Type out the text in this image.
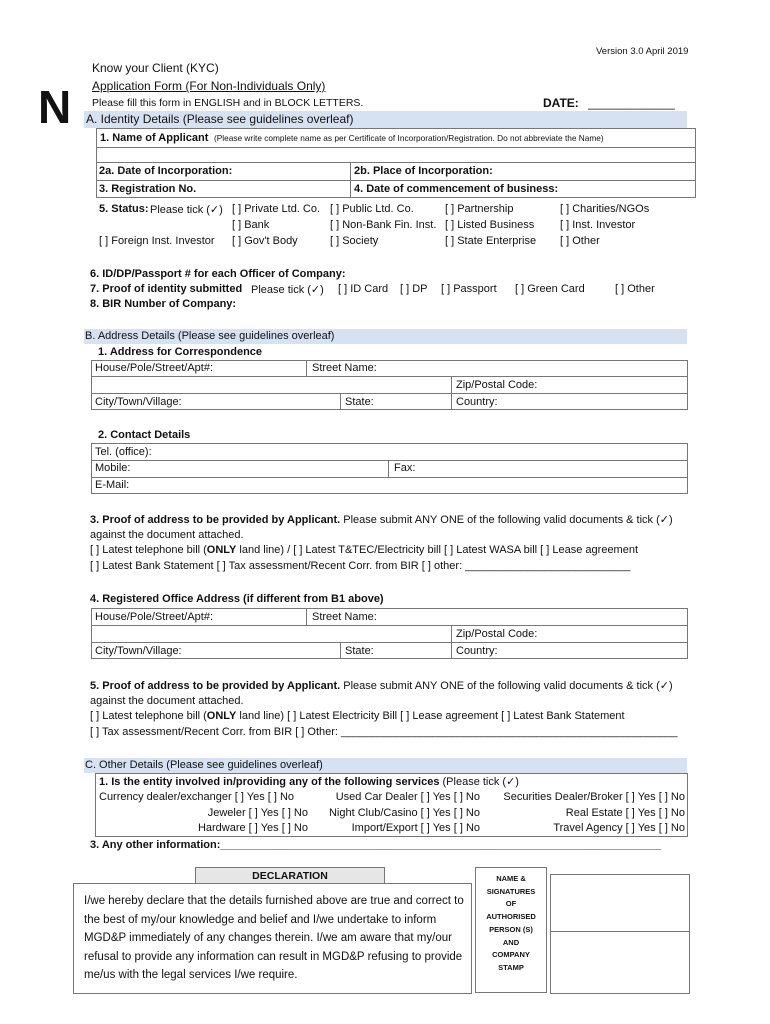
Version 3.0 April 2019
N
Know your Client (KYC)
Application Form (For Non-Individuals Only)
Please fill this form in ENGLISH and in BLOCK LETTERS.	DATE: _____________
A. Identity Details (Please see guidelines overleaf)
1. Name of Applicant (Please write complete name as per Certificate of Incorporation/Registration. Do not abbreviate the Name)
2a. Date of Incorporation:	2b. Place of Incorporation:
3. Registration No.	4. Date of commencement of business:
5. Status: Please tick (✓) [ ] Private Ltd. Co. [ ] Public Ltd. Co.	[ ] Partnership	[ ] Charities/NGOs
[ ] Bank	[ ] Non-Bank Fin. Inst. [ ] Listed Business [ ] Inst. Investor
[ ] Foreign Inst. Investor [ ] Gov't Body	[ ] Society	[ ] State Enterprise [ ] Other
6. ID/DP/Passport # for each Officer of Company:
7. Proof of identity submitted Please tick (✓) [ ] ID Card [ ] DP [ ] Passport [ ] Green Card	[ ] Other
8. BIR Number of Company:
B. Address Details (Please see guidelines overleaf)
1. Address for Correspondence
House/Pole/Street/Apt#:	Street Name:
Zip/Postal Code:
City/Town/Village:	State:	Country:
2. Contact Details
Tel. (office):
Mobile:	Fax:
E-Mail:
3. Proof of address to be provided by Applicant. Please submit ANY ONE of the following valid documents & tick (✓)
against the document attached.
[ ] Latest telephone bill (ONLY land line) / [ ] Latest T&TEC/Electricity bill [ ] Latest WASA bill [ ] Lease agreement
[ ] Latest Bank Statement [ ] Tax assessment/Recent Corr. from BIR [ ] other: ___________________________
4. Registered Office Address (if different from B1 above)
House/Pole/Street/Apt#:	Street Name:
Zip/Postal Code:
City/Town/Village:	State:	Country:
5. Proof of address to be provided by Applicant. Please submit ANY ONE of the following valid documents & tick (✓)
against the document attached.
[ ] Latest telephone bill (ONLY land line) [ ] Latest Electricity Bill [ ] Lease agreement [ ] Latest Bank Statement
[ ] Tax assessment/Recent Corr. from BIR [ ] Other: _______________________________________________________
C. Other Details (Please see guidelines overleaf)
1. Is the entity involved in/providing any of the following services (Please tick (✓)
Currency dealer/exchanger [ ] Yes [ ] No	Used Car Dealer [ ] Yes [ ] No Securities Dealer/Broker [ ] Yes [ ] No
Jeweler [ ] Yes [ ] No Night Club/Casino [ ] Yes [ ] No	Real Estate [ ] Yes [ ] No
Hardware [ ] Yes [ ] No	Import/Export [ ] Yes [ ] No	Travel Agency [ ] Yes [ ] No
3. Any other information:________________________________________________________________________
DECLARATION
I/we hereby declare that the details furnished above are true and correct to the best of my/our knowledge and belief and I/we undertake to inform MGD&P immediately of any changes therein. I/we am aware that my/our refusal to provide any information can result in MGD&P refusing to provide me/us with the legal services I/we require.
NAME &
SIGNATURES
OF
AUTHORISED
PERSON (S)
AND
COMPANY
STAMP
